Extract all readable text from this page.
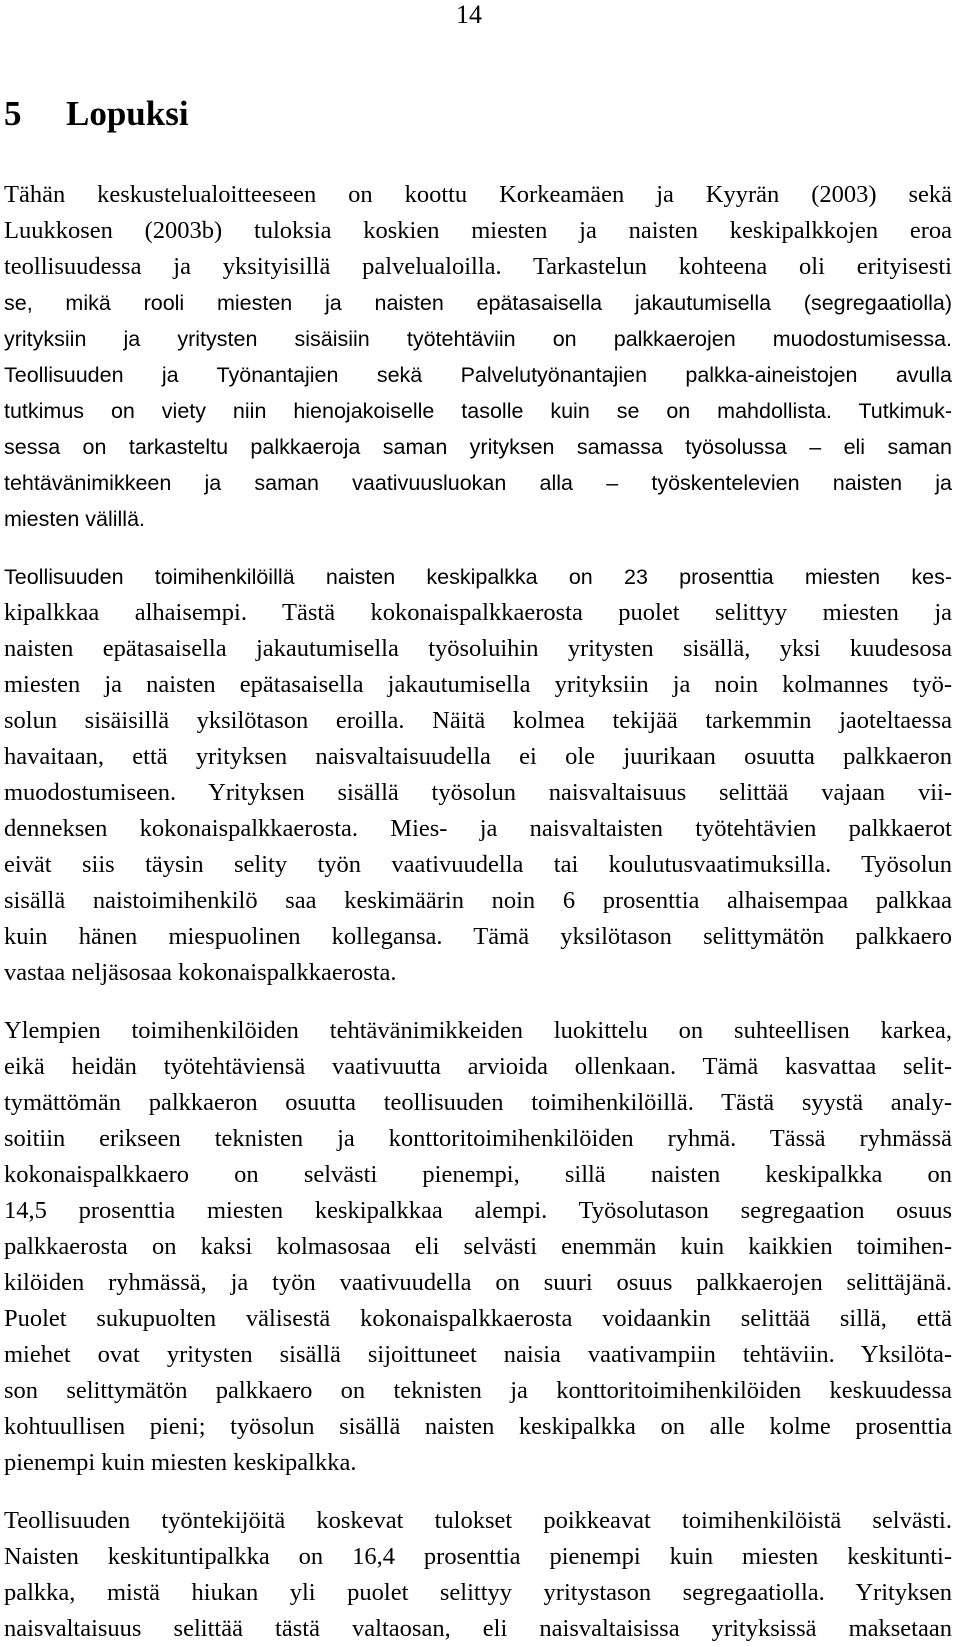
14
5 Lopuksi
Tähän keskustelualoitteeseen on koottu Korkeamäen ja Kyyrän (2003) sekä
Luukkosen (2003b) tuloksia koskien miesten ja naisten keskipalkkojen eroa
teollisuudessa ja yksityisillä palvelualoilla. Tarkastelun kohteena oli erityisesti
se, mikä rooli miesten ja naisten epätasaisella jakautumisella (segregaatiolla)
yrityksiin ja yritysten sisäisiin työtehtäviin on palkkaerojen muodostumisessa.
Teollisuuden ja Työnantajien sekä Palvelutyönantajien palkka-aineistojen avulla
tutkimus on viety niin hienojakoiselle tasolle kuin se on mahdollista. Tutkimuk-
sessa on tarkasteltu palkkaeroja saman yrityksen samassa työsolussa – eli saman
tehtävänimikkeen ja saman vaativuusluokan alla – työskentelevien naisten ja
miesten välillä.
Teollisuuden toimihenkilöillä naisten keskipalkka on 23 prosenttia miesten kes-
kipalkkaa alhaisempi. Tästä kokonaispalkkaerosta puolet selittyy miesten ja
naisten epätasaisella jakautumisella työsoluihin yritysten sisällä, yksi kuudesosa
miesten ja naisten epätasaisella jakautumisella yrityksiin ja noin kolmannes työ-
solun sisäisillä yksilötason eroilla. Näitä kolmea tekijää tarkemmin jaoteltaessa
havaitaan, että yrityksen naisvaltaisuudella ei ole juurikaan osuutta palkkaeron
muodostumiseen. Yrityksen sisällä työsolun naisvaltaisuus selittää vajaan vii-
denneksen kokonaispalkkaerosta. Mies- ja naisvaltaisten työtehtävien palkkaerot
eivät siis täysin selity työn vaativuudella tai koulutusvaatimuksilla. Työsolun
sisällä naistoimihenkilö saa keskimäärin noin 6 prosenttia alhaisempaa palkkaa
kuin hänen miespuolinen kollegansa. Tämä yksilötason selittymätön palkkaero
vastaa neljäsosaa kokonaispalkkaerosta.
Ylempien toimihenkilöiden tehtävänimikkeiden luokittelu on suhteellisen karkea,
eikä heidän työtehtäviensä vaativuutta arvioida ollenkaan. Tämä kasvattaa selit-
tymättömän palkkaeron osuutta teollisuuden toimihenkilöillä. Tästä syystä analy-
soitiin erikseen teknisten ja konttoritoimihenkilöiden ryhmä. Tässä ryhmässä
kokonaispalkkaero on selvästi pienempi, sillä naisten keskipalkka on
14,5 prosenttia miesten keskipalkkaa alempi. Työsolutason segregaation osuus
palkkaerosta on kaksi kolmasosaa eli selvästi enemmän kuin kaikkien toimihen-
kilöiden ryhmässä, ja työn vaativuudella on suuri osuus palkkaerojen selittäjänä.
Puolet sukupuolten välisestä kokonaispalkkaerosta voidaankin selittää sillä, että
miehet ovat yritysten sisällä sijoittuneet naisia vaativampiin tehtäviin. Yksilöta-
son selittymätön palkkaero on teknisten ja konttoritoimihenkilöiden keskuudessa
kohtuullisen pieni; työsolun sisällä naisten keskipalkka on alle kolme prosenttia
pienempi kuin miesten keskipalkka.
Teollisuuden työntekijöitä koskevat tulokset poikkeavat toimihenkilöistä selvästi.
Naisten keskituntipalkka on 16,4 prosenttia pienempi kuin miesten keskitunti-
palkka, mistä hiukan yli puolet selittyy yritystason segregaatiolla. Yrityksen
naisvaltaisuus selittää tästä valtaosan, eli naisvaltaisissa yrityksissä maksetaan
